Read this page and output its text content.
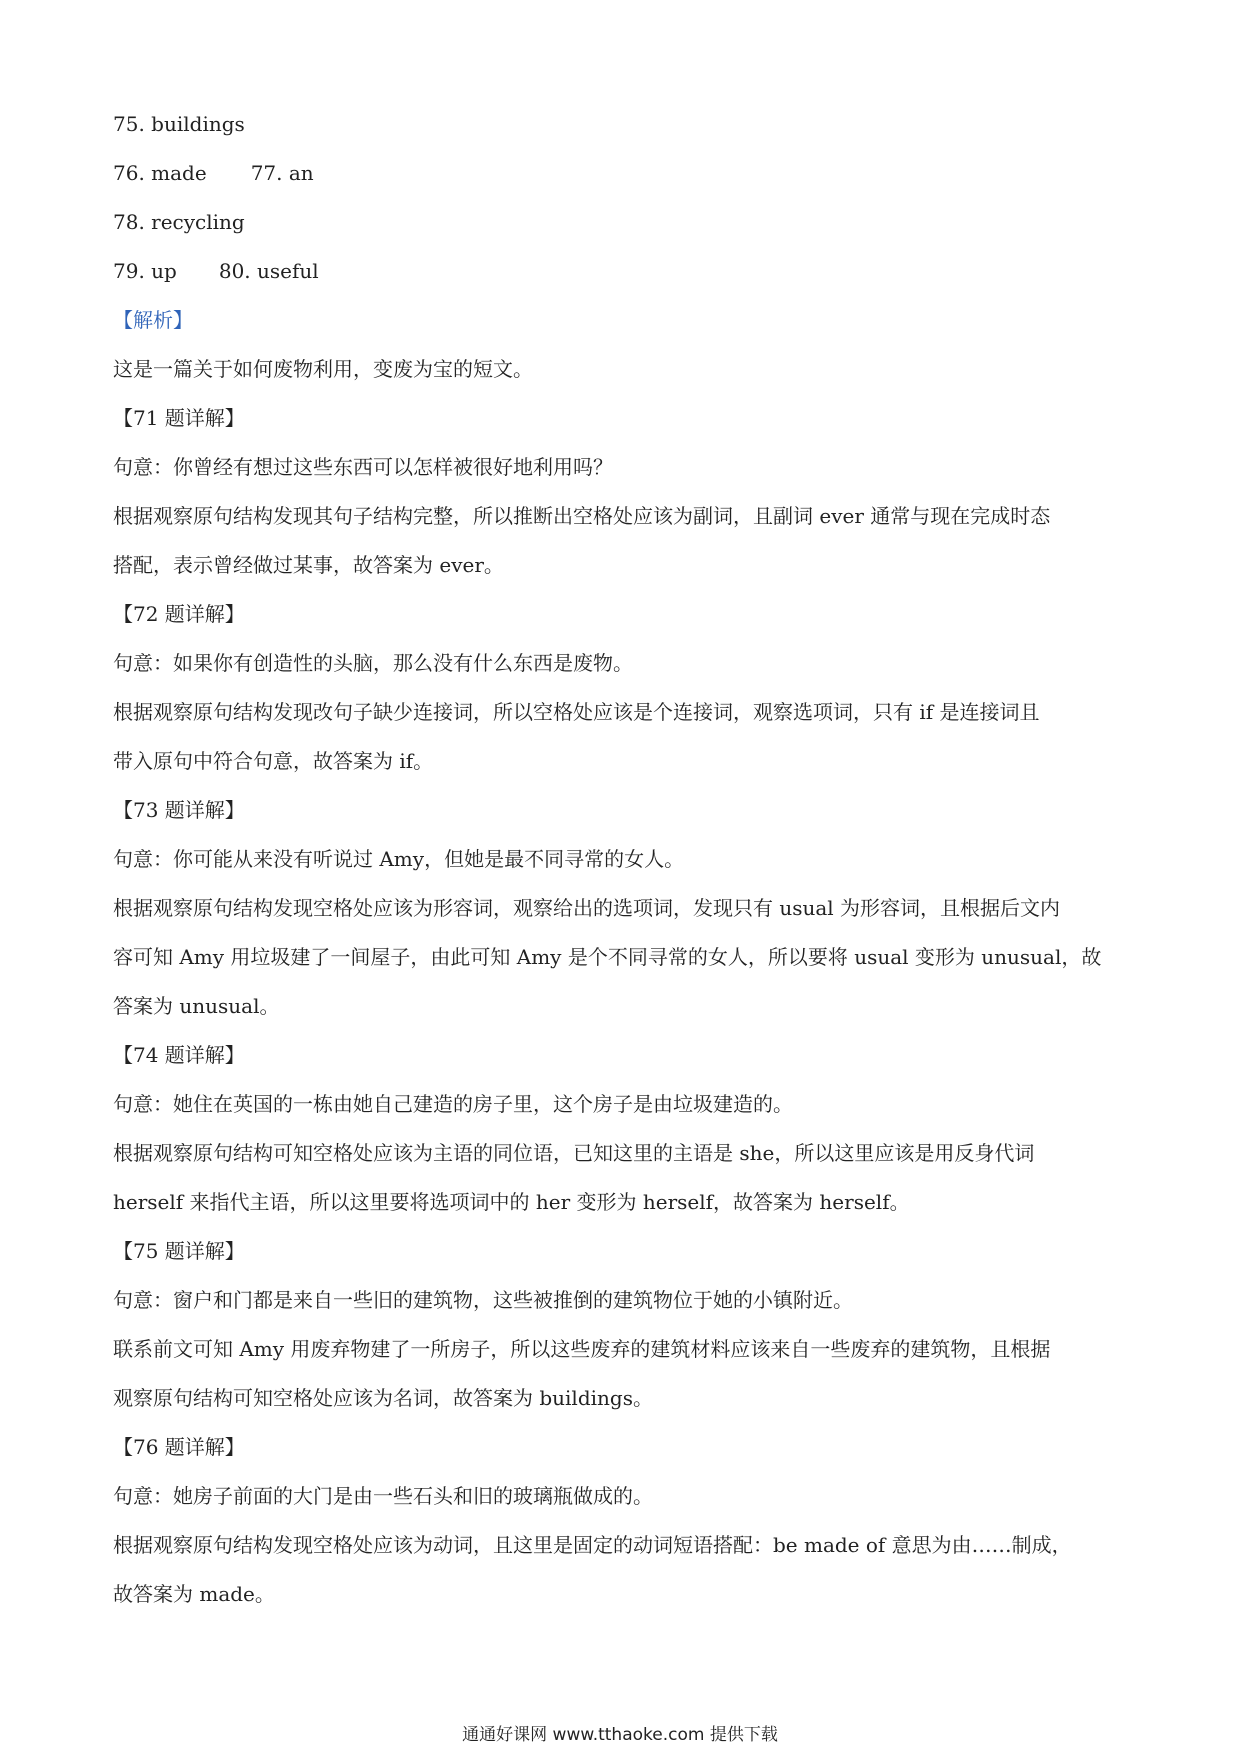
75. buildings
76. made 77. an
78. recycling
79. up 80. useful
【解析】
这是一篇关于如何废物利用，变废为宝的短文。
【71 题详解】
句意：你曾经有想过这些东西可以怎样被很好地利用吗？
根据观察原句结构发现其句子结构完整，所以推断出空格处应该为副词，且副词 ever 通常与现在完成时态
搭配，表示曾经做过某事，故答案为 ever。
【72 题详解】
句意：如果你有创造性的头脑，那么没有什么东西是废物。
根据观察原句结构发现改句子缺少连接词，所以空格处应该是个连接词，观察选项词，只有 if 是连接词且
带入原句中符合句意，故答案为 if。
【73 题详解】
句意：你可能从来没有听说过 Amy，但她是最不同寻常的女人。
根据观察原句结构发现空格处应该为形容词，观察给出的选项词，发现只有 usual 为形容词，且根据后文内
容可知 Amy 用垃圾建了一间屋子，由此可知 Amy 是个不同寻常的女人，所以要将 usual 变形为 unusual，故
答案为 unusual。
【74 题详解】
句意：她住在英国的一栋由她自己建造的房子里，这个房子是由垃圾建造的。
根据观察原句结构可知空格处应该为主语的同位语，已知这里的主语是 she，所以这里应该是用反身代词
herself 来指代主语，所以这里要将选项词中的 her 变形为 herself，故答案为 herself。
【75 题详解】
句意：窗户和门都是来自一些旧的建筑物，这些被推倒的建筑物位于她的小镇附近。
联系前文可知 Amy 用废弃物建了一所房子，所以这些废弃的建筑材料应该来自一些废弃的建筑物，且根据
观察原句结构可知空格处应该为名词，故答案为 buildings。
【76 题详解】
句意：她房子前面的大门是由一些石头和旧的玻璃瓶做成的。
根据观察原句结构发现空格处应该为动词，且这里是固定的动词短语搭配：be made of 意思为由……制成，
故答案为 made。
通通好课网 www.tthaoke.com 提供下载
